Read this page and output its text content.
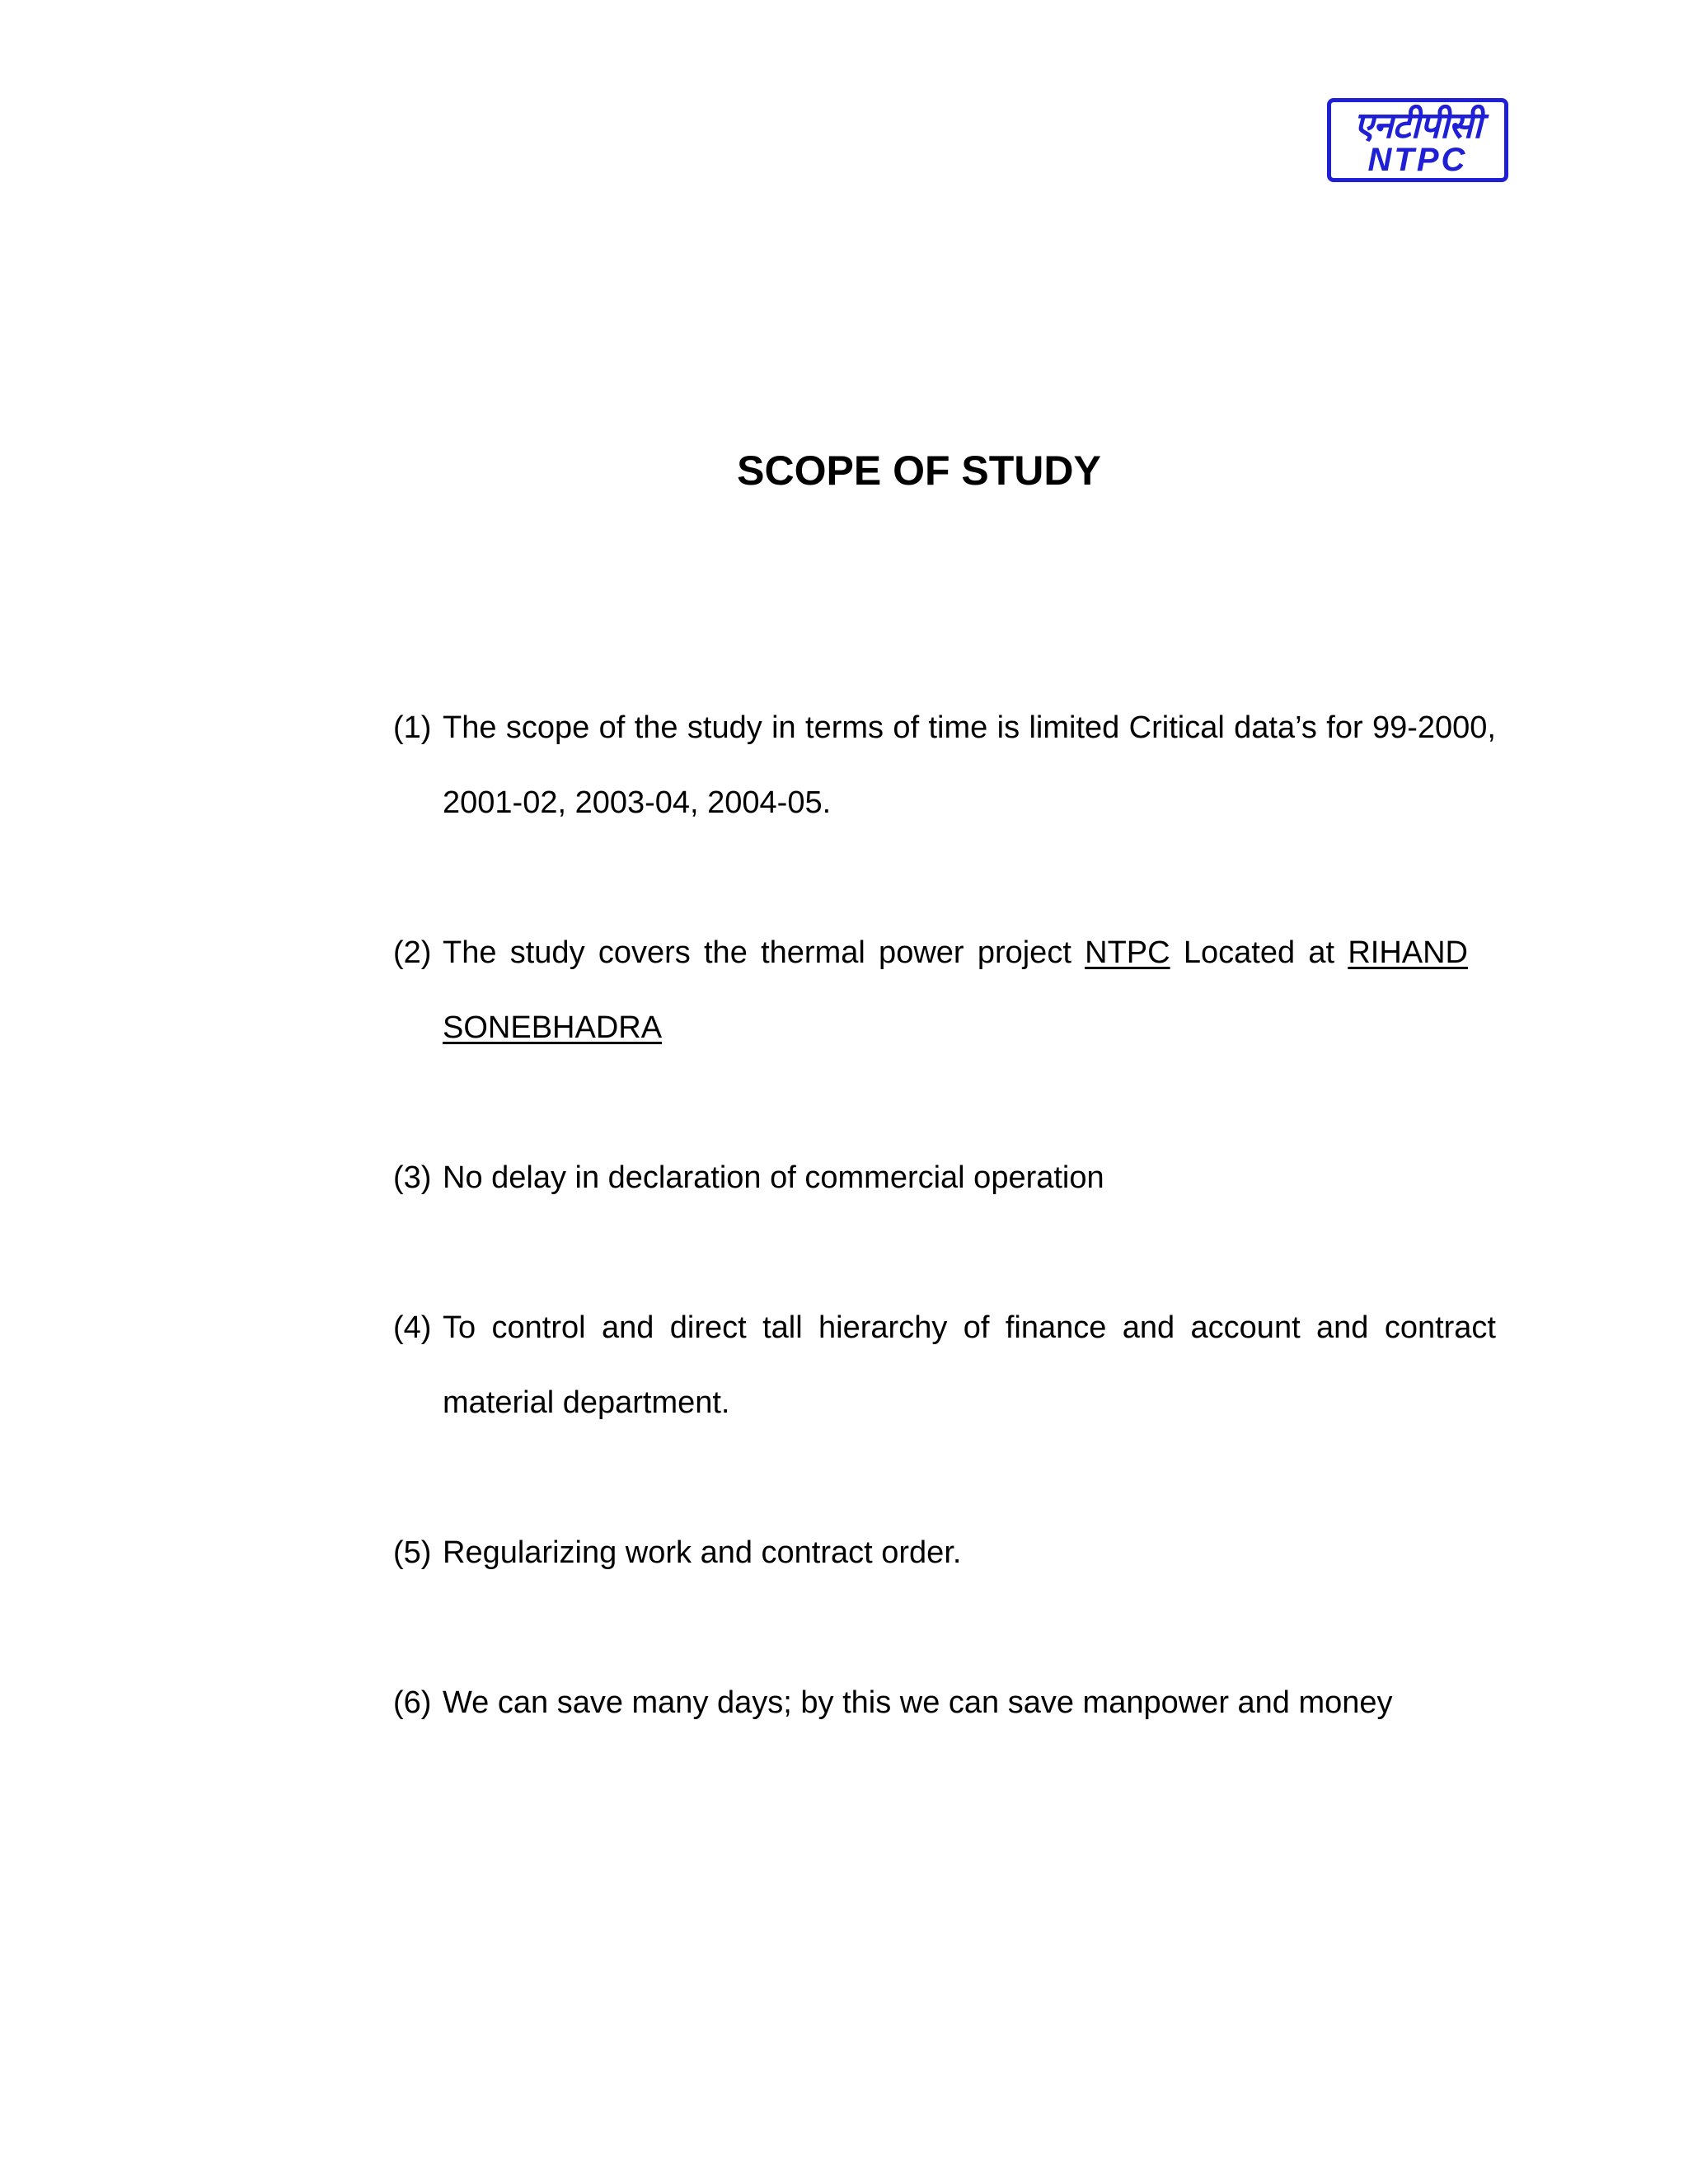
एनटीपीसी
NTPC
SCOPE OF STUDY
(1) The scope of the study in terms of time is limited Critical data’s for 99-2000, 2001-02, 2003-04, 2004-05.
(2) The study covers the thermal power project NTPC Located at RIHAND SONEBHADRA
(3) No delay in declaration of commercial operation
(4) To control and direct tall hierarchy of finance and account and contract material department.
(5) Regularizing work and contract order.
(6) We can save many days; by this we can save manpower and money
